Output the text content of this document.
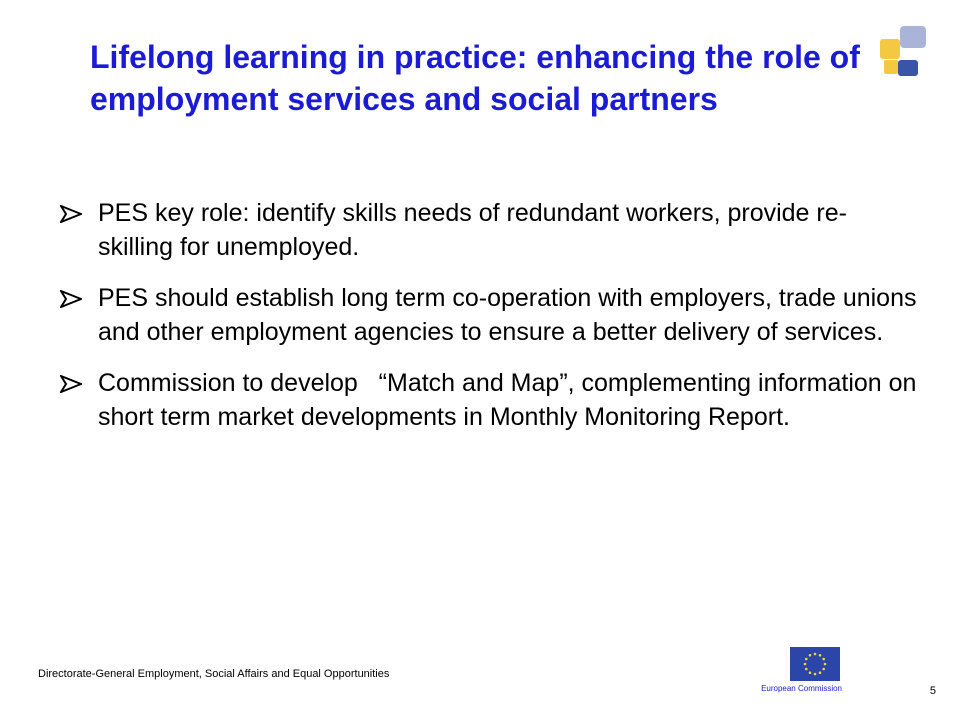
Lifelong learning in practice: enhancing the role of employment services and social partners
PES key role: identify skills needs of redundant workers, provide re-skilling for unemployed.
PES should establish long term co-operation with employers, trade unions and other employment agencies to ensure a better delivery of services.
Commission to develop   “Match and Map”, complementing information on short term market developments in Monthly Monitoring Report.
Directorate-General Employment, Social Affairs and Equal Opportunities
European Commission	5
